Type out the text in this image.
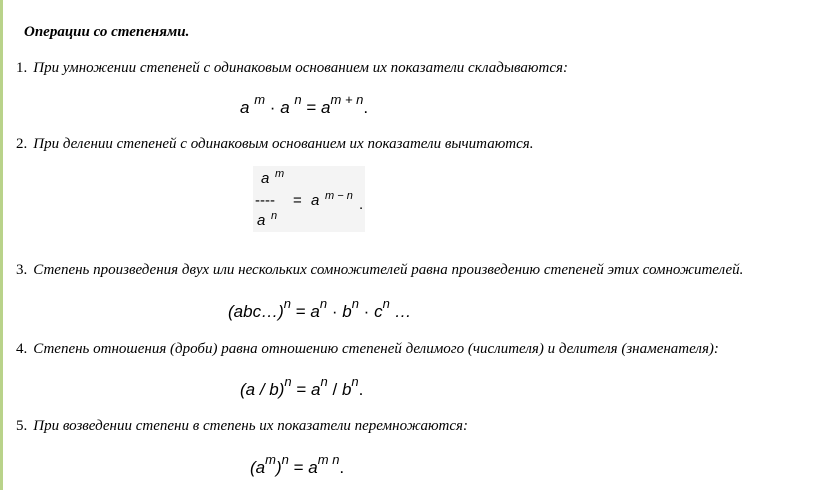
Операции со степенями.
1. При умножении степеней с одинаковым основанием их показатели складываются:
a $^m$ · a $^n = a^{m + n}$.
2. При делении степеней с одинаковым основанием их показатели вычитаются.
a m
---- = a m − n .
a n
3. Степень произведения двух или нескольких сомножителей равна произведению степеней этих сомножителей.
(abc…)$^n$ = $a^n \cdot b^n \cdot c^n$ …
4. Степень отношения (дроби) равна отношению степеней делимого (числителя) и делителя (знаменателя):
$(a / b)^n = a^n / b^n$.
5. При возведении степени в степень их показатели перемножаются:
$(a^m)^n = a^{m n}$.
